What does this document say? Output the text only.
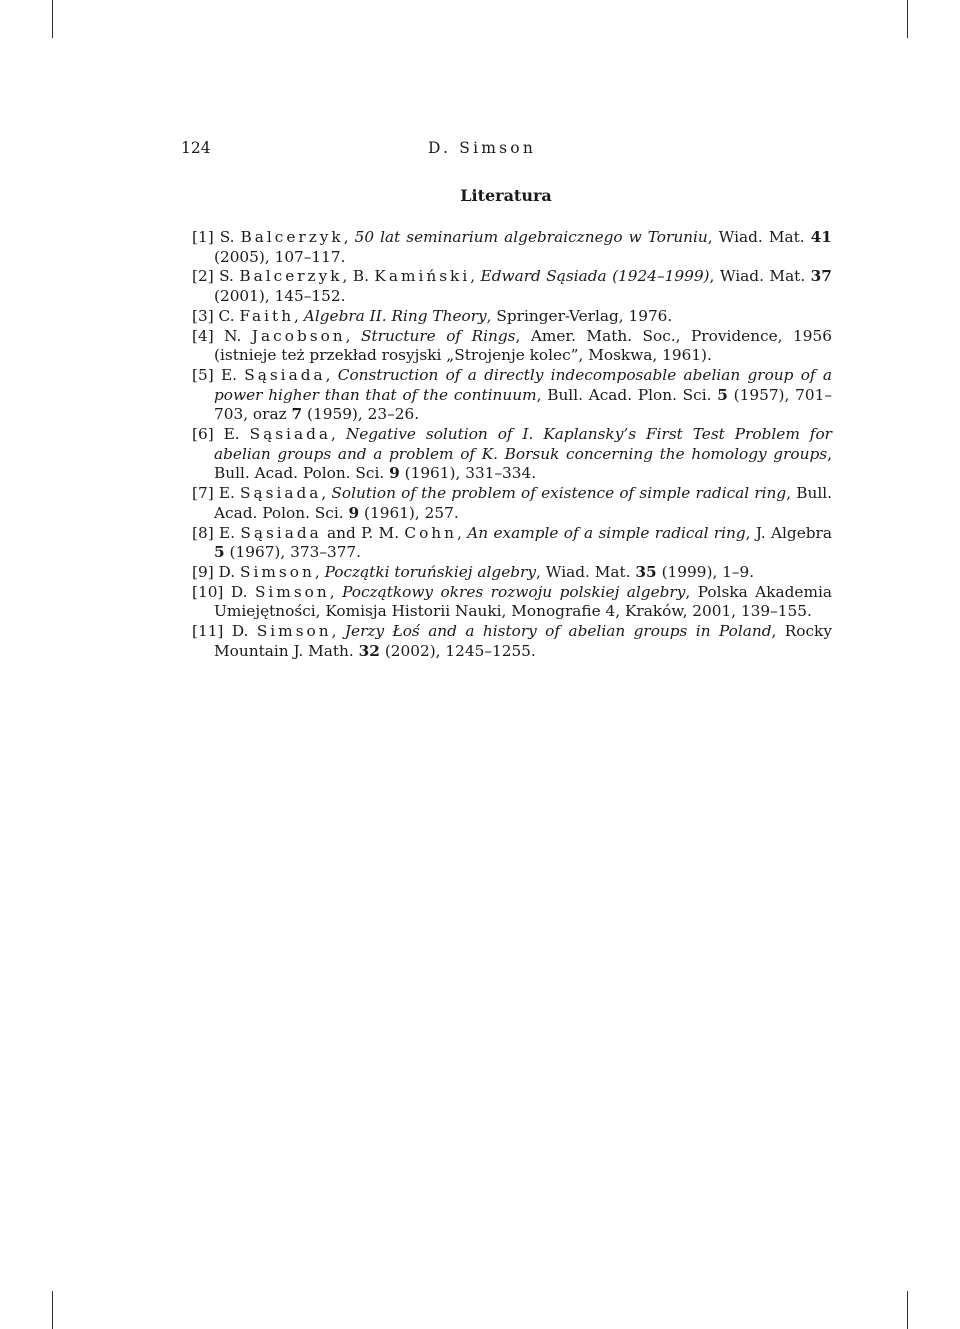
124	D. Simson
Literatura
[1] S. Balcerzyk, 50 lat seminarium algebraicznego w Toruniu, Wiad. Mat. 41 (2005), 107–117.
[2] S. Balcerzyk, B. Kamiński, Edward Sąsiada (1924–1999), Wiad. Mat. 37 (2001), 145–152.
[3] C. Faith, Algebra II. Ring Theory, Springer-Verlag, 1976.
[4] N. Jacobson, Structure of Rings, Amer. Math. Soc., Providence, 1956 (istnieje też przekład rosyjski „Strojenje kolec”, Moskwa, 1961).
[5] E. Sąsiada, Construction of a directly indecomposable abelian group of a power higher than that of the continuum, Bull. Acad. Plon. Sci. 5 (1957), 701–703, oraz 7 (1959), 23–26.
[6] E. Sąsiada, Negative solution of I. Kaplansky’s First Test Problem for abelian groups and a problem of K. Borsuk concerning the homology groups, Bull. Acad. Polon. Sci. 9 (1961), 331–334.
[7] E. Sąsiada, Solution of the problem of existence of simple radical ring, Bull. Acad. Polon. Sci. 9 (1961), 257.
[8] E. Sąsiada and P. M. Cohn, An example of a simple radical ring, J. Algebra 5 (1967), 373–377.
[9] D. Simson, Początki toruńskiej algebry, Wiad. Mat. 35 (1999), 1–9.
[10] D. Simson, Początkowy okres rozwoju polskiej algebry, Polska Akademia Umiejętności, Komisja Historii Nauki, Monografie 4, Kraków, 2001, 139–155.
[11] D. Simson, Jerzy Łoś and a history of abelian groups in Poland, Rocky Mountain J. Math. 32 (2002), 1245–1255.
